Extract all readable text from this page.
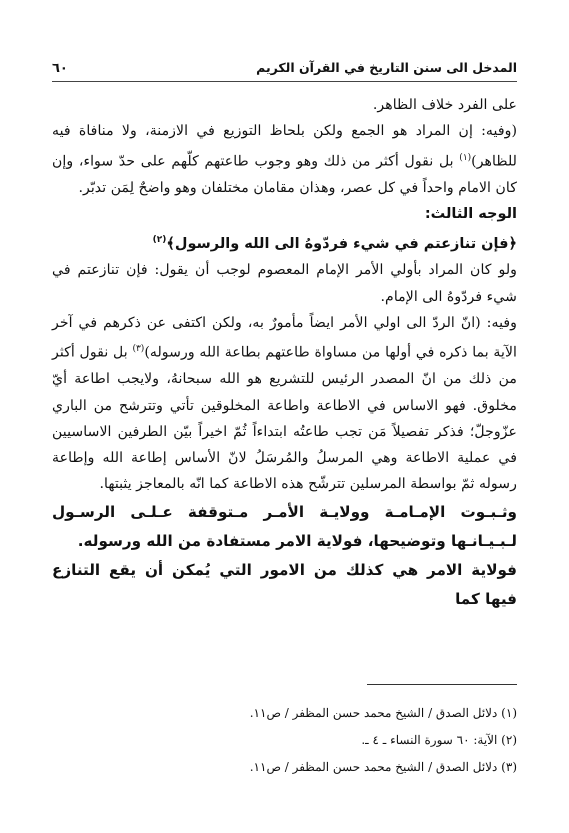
المدخل الى سنن التاريخ في القرآن الكريم
٦٠

على الفرد خلاف الظاهر.

(وفيه: إن المراد هو الجمع ولكن بلحاظ التوزيع في الازمنة، ولا منافاة فيه للظاهر)$^{(١)}$ بل نقول أكثر من ذلك وهو وجوب طاعتهم كلّهم على حدّ سواء، وإن كان الامام واحداً في كل عصر، وهذان مقامان مختلفان وهو واضحٌ لِمَن تدبّر.

الوجه الثالث:

﴿فإن تنازعتم في شيء فردّوهُ الى الله والرسول﴾$^{(٢)}$

ولو كان المراد بأولي الأمر الإمام المعصوم لوجب أن يقول: فإن تنازعتم في شيء فردّوهُ الى الإمام.

وفيه: (انّ الردّ الى اولي الأمر ايضاً مأمورٌ به، ولكن اكتفى عن ذكرهم في آخر الآية بما ذكره في أولها من مساواة طاعتهم بطاعة الله ورسوله)$^{(٣)}$ بل نقول أكثر من ذلك من انّ المصدر الرئيس للتشريع هو الله سبحانهُ، ولايجب اطاعة أيّ مخلوق. فهو الاساس في الاطاعة واطاعة المخلوقين تأتي وتترشح من الباري عزّوجلّ؛ فذكر تفصيلاً مَن تجب طاعتُه ابتداءاً ثُمّ اخيراً بيّن الطرفين الاساسيين في عملية الاطاعة وهي المرسلُ والمُرسَلُ لانّ الأساس إطاعة الله وإطاعة رسوله ثمّ بواسطة المرسلين تترشّح هذه الاطاعة كما انّه بالمعاجز يثبتها.

وثـبـوت الإمـامـة وولايـة الأمـر مـتوقفة عـلـى الرسـول لـبـيـانـها وتوضيحها، فولاية الامر مستفادة من الله ورسوله.

فولاية الامر هي كذلك من الامور التي يُمكن أن يقع التنازع فيها كما

(١) دلائل الصدق / الشيخ محمد حسن المظفر / ص١١.
(٢) الآية: ٦٠ سورة النساء ـ ٤ ـ.
(٣) دلائل الصدق / الشيخ محمد حسن المظفر / ص١١.
